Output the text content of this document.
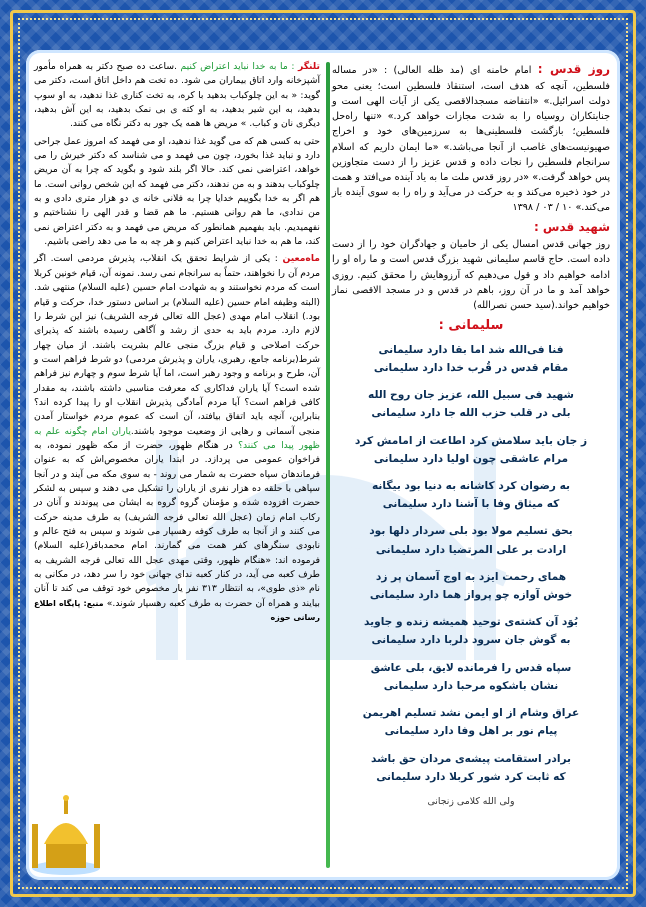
روز قدس : امام خامنه ای (مد ظله العالی) : «در مساله فلسطین، آنچه که هدف است، استنقاذ فلسطین است؛ یعنی محو دولت اسرائیل.» «انتفاضه مسجدالاقصی یکی از آیات الهی است و جنایتکاران روسیاه را به شدت مجازات خواهد کرد.» «تنها راه‌حل فلسطین؛ بازگشت فلسطینی‌ها به سرزمین‌های خود و اخراج صهیونیست‌های غاصب از آنجا می‌باشد.» «ما ایمان داریم که اسلام سرانجام فلسطین را نجات داده و قدس عزیز را از دست متجاوزین پس خواهد گرفت.» «در روز قدس ملت ما به یاد آینده می‌افتد و همت در خود ذخیره می‌کند و به حرکت در می‌آید و راه را به سوی آینده باز می‌کند.» ۱۰ / ۰۳ / ۱۳۹۸
شهید قدس :
روز جهانی قدس امسال یکی از حامیان و جهادگران خود را از دست داده است. حاج قاسم سلیمانی شهید بزرگ قدس است و ما راه او را ادامه خواهیم داد و قول می‌دهیم که آرزوهایش را محقق کنیم. روزی خواهد آمد و ما در آن روز، باهم در قدس و در مسجد الاقصی نماز خواهیم خواند.(سید حسن نصرالله)
سلیمانی :
فنا فی‌الله شد اما بقا دارد سلیمانی
مقام قدس در قُرب خدا دارد سلیمانی
شهید فی سبیل الله، عزیز جان روح الله
بلی در قلب حزب الله جا دارد سلیمانی
ز جان باید سلامش کرد اطاعت از امامش کرد
مرام عاشقی چون اولیا دارد سلیمانی
به رضوان کرد کاشانه به دنیا بود بیگانه
که میثاق وفا با آشنا دارد سلیمانی
بحق تسلیم مولا بود بلی سردار دلها بود
ارادت بر علی المرتضیا دارد سلیمانی
همای رحمت ایزد به اوج آسمان پر زد
خوش آوازه چو پرواز هما دارد سلیمانی
بُوَد آن کشته‌ی توحید همیشه زنده و جاوید
به گوش جان سرود دلربا دارد سلیمانی
سپاه قدس را فرمانده لایق، بلی عاشق
نشان باشکوه مرحبا دارد سلیمانی
عراق وشام از او ایمن نشد تسلیم اهریمن
پیام نور بر اهل وفا دارد سلیمانی
برادر استقامت پیشه‌ی مردان حق باشد
که ثابت کرد شور کربلا دارد سلیمانی
ولی الله کلامی زنجانی
تلنگر : ما به خدا نباید اعتراض کنیم .ساعت ده صبح دکتر به همراه مأمور آشپزخانه وارد اتاق بیماران می شود. ده تخت هم داخل اتاق است، دکتر می گوید: « به این چلوکباب بدهید با کره، به تخت کناری غذا ندهید، به او سوپ بدهید، به این شیر بدهید، به او کته ی بی نمک بدهید، به این آش بدهید، دیگری نان و کباب. » مریض ها همه یک جور به دکتر نگاه می کنند.
حتی به کسی هم که می گوید غذا ندهید، او می فهمد که امروز عمل جراحی دارد و نباید غذا بخورد، چون می فهمد و می شناسد که دکتر خیرش را می خواهد، اعتراضی نمی کند. حالا اگر بلند شود و بگوید که چرا به آن مریض چلوکباب بدهند و به من ندهند، دکتر می فهمد که این شخص روانی است. ما هم اگر به خدا بگوییم خدایا چرا به فلانی خانه ی دو هزار متری دادی و به من ندادی، ما هم روانی هستیم. ما هم قضا و قدر الهی را نشناختیم و نفهمیدیم. باید بفهمیم همانطور که مریض می فهمد و به دکتر اعتراض نمی کند، ما هم به خدا نباید اعتراض کنیم و هر چه به ما می دهد راضی باشیم.
ماه‌معین : یکی از شرایط تحقق یک انقلاب، پذیرش مردمی است. اگر مردم آن را نخواهند، حتماً به سرانجام نمی رسد. نمونه آن، قیام خونین کربلا است که مردم نخواستند و به شهادت امام حسین (علیه السلام) منتهی شد. (البته وظیفه امام حسین (علیه السلام) بر اساس دستور خدا، حرکت و قیام بود.) انقلاب امام مهدی (عجل الله تعالی فرجه الشریف) نیز این شرط را لازم دارد. مردم باید به حدی از رشد و آگاهی رسیده باشند که پذیرای حرکت اصلاحی و قیام بزرگ منجی عالم بشریت باشند. از میان چهار شرط(برنامه جامع، رهبری، یاران و پذیرش مردمی) دو شرط فراهم است و آن، طرح و برنامه و وجود رهبر است، اما آیا شرط سوم و چهارم نیز فراهم شده است؟ آیا یاران فداکاری که معرفت مناسبی داشته باشند، به مقدار کافی فراهم است؟ آیا مردم آمادگی پذیرش انقلاب او را پیدا کرده اند؟ بنابراین، آنچه باید اتفاق بیافتد، آن است که عموم مردم خواستار آمدن منجی آسمانی و رهایی از وضعیت موجود باشند.یاران امام چگونه علم به ظهور پیدا می کنند؟ در هنگام ظهور، حضرت از مکه ظهور نموده، به فراخوان عمومی می پردازد. در ابتدا یاران مخصوص‌اش که به عنوان فرماندهان سپاه حضرت به شمار می روند - به سوی مکه می آیند و در آنجا سپاهی با حلقه ده هزار نفری از یاران را تشکیل می دهند و سپس به لشکر حضرت افزوده شده و مؤمنان گروه گروه به ایشان می پیوندند و آنان در رکاب امام زمان (عجل الله تعالی فرجه الشریف) به طرف مدینه حرکت می کنند و از آنجا به طرف کوفه رهسپار می شوند و سپس به فتح عالم و نابودی سنگرهای کفر همت می گمارند. امام محمدباقر(علیه السلام) فرموده اند: «هنگام ظهور، وقتی مهدی عجل الله تعالی فرجه الشریف به طرف کعبه می آید، در کنار کعبه ندای جهانی خود را سر دهد، در مکانی به نام «ذی طوی»، به انتظار ۳۱۳ نفر یار مخصوص خود توقف می کند تا آنان بیایند و همراه آن حضرت به طرف کعبه رهسپار شوند.» منبع: پایگاه اطلاع رسانی حوزه
